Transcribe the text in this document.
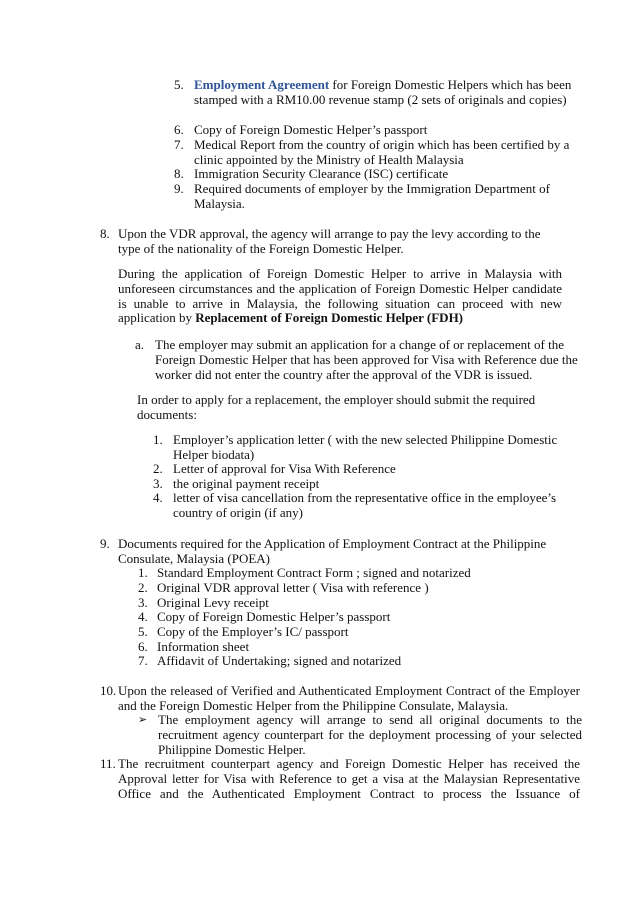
5. Employment Agreement for Foreign Domestic Helpers which has been stamped with a RM10.00 revenue stamp (2 sets of originals and copies)
6. Copy of Foreign Domestic Helper’s passport
7. Medical Report from the country of origin which has been certified by a clinic appointed by the Ministry of Health Malaysia
8. Immigration Security Clearance (ISC) certificate
9. Required documents of employer by the Immigration Department of Malaysia.
8. Upon the VDR approval, the agency will arrange to pay the levy according to the type of the nationality of the Foreign Domestic Helper.
During the application of Foreign Domestic Helper to arrive in Malaysia with unforeseen circumstances and the application of Foreign Domestic Helper candidate is unable to arrive in Malaysia, the following situation can proceed with new application by Replacement of Foreign Domestic Helper (FDH)
a. The employer may submit an application for a change of or replacement of the Foreign Domestic Helper that has been approved for Visa with Reference due the worker did not enter the country after the approval of the VDR is issued.
In order to apply for a replacement, the employer should submit the required documents:
1. Employer’s application letter ( with the new selected Philippine Domestic Helper biodata)
2. Letter of approval for Visa With Reference
3. the original payment receipt
4. letter of visa cancellation from the representative office in the employee’s country of origin (if any)
9. Documents required for the Application of Employment Contract at the Philippine Consulate, Malaysia (POEA)
1. Standard Employment Contract Form ; signed and notarized
2. Original VDR approval letter ( Visa with reference )
3. Original Levy receipt
4. Copy of Foreign Domestic Helper’s passport
5. Copy of the Employer’s IC/ passport
6. Information sheet
7. Affidavit of Undertaking; signed and notarized
10. Upon the released of Verified and Authenticated Employment Contract of the Employer and the Foreign Domestic Helper from the Philippine Consulate, Malaysia.
➢ The employment agency will arrange to send all original documents to the recruitment agency counterpart for the deployment processing of your selected Philippine Domestic Helper.
11. The recruitment counterpart agency and Foreign Domestic Helper has received the Approval letter for Visa with Reference to get a visa at the Malaysian Representative Office and the Authenticated Employment Contract to process the Issuance of
